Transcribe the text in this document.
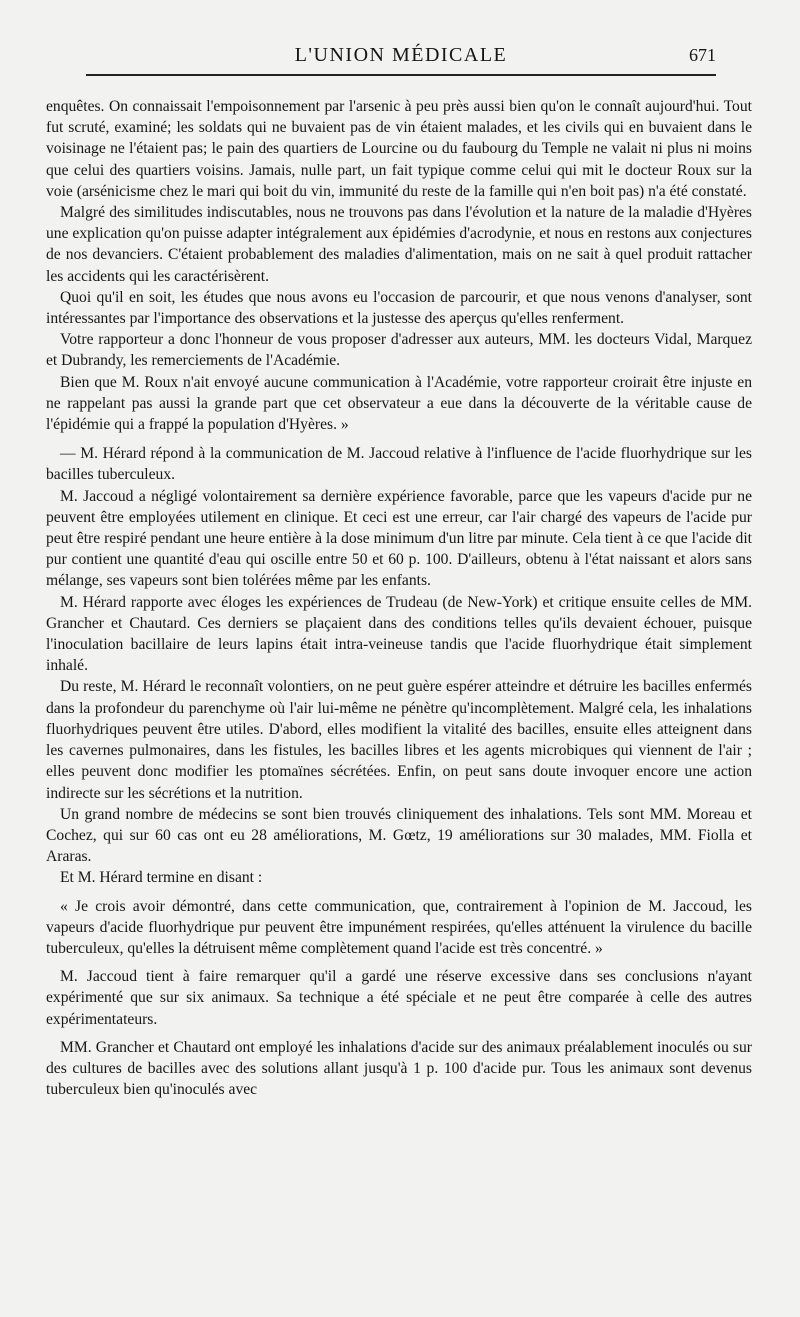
L'UNION MÉDICALE	671

enquêtes. On connaissait l'empoisonnement par l'arsenic à peu près aussi bien qu'on le connaît aujourd'hui. Tout fut scruté, examiné; les soldats qui ne buvaient pas de vin étaient malades, et les civils qui en buvaient dans le voisinage ne l'étaient pas; le pain des quartiers de Lourcine ou du faubourg du Temple ne valait ni plus ni moins que celui des quartiers voisins. Jamais, nulle part, un fait typique comme celui qui mit le docteur Roux sur la voie (arsénicisme chez le mari qui boit du vin, immunité du reste de la famille qui n'en boit pas) n'a été constaté.

Malgré des similitudes indiscutables, nous ne trouvons pas dans l'évolution et la nature de la maladie d'Hyères une explication qu'on puisse adapter intégralement aux épidémies d'acrodynie, et nous en restons aux conjectures de nos devanciers. C'étaient probablement des maladies d'alimentation, mais on ne sait à quel produit rattacher les accidents qui les caractérisèrent.

Quoi qu'il en soit, les études que nous avons eu l'occasion de parcourir, et que nous venons d'analyser, sont intéressantes par l'importance des observations et la justesse des aperçus qu'elles renferment.

Votre rapporteur a donc l'honneur de vous proposer d'adresser aux auteurs, MM. les docteurs Vidal, Marquez et Dubrandy, les remerciements de l'Académie.

Bien que M. Roux n'ait envoyé aucune communication à l'Académie, votre rapporteur croirait être injuste en ne rappelant pas aussi la grande part que cet observateur a eue dans la découverte de la véritable cause de l'épidémie qui a frappé la population d'Hyères. »

— M. Hérard répond à la communication de M. Jaccoud relative à l'influence de l'acide fluorhydrique sur les bacilles tuberculeux.

M. Jaccoud a négligé volontairement sa dernière expérience favorable, parce que les vapeurs d'acide pur ne peuvent être employées utilement en clinique. Et ceci est une erreur, car l'air chargé des vapeurs de l'acide pur peut être respiré pendant une heure entière à la dose minimum d'un litre par minute. Cela tient à ce que l'acide dit pur contient une quantité d'eau qui oscille entre 50 et 60 p. 100. D'ailleurs, obtenu à l'état naissant et alors sans mélange, ses vapeurs sont bien tolérées même par les enfants.

M. Hérard rapporte avec éloges les expériences de Trudeau (de New-York) et critique ensuite celles de MM. Grancher et Chautard. Ces derniers se plaçaient dans des conditions telles qu'ils devaient échouer, puisque l'inoculation bacillaire de leurs lapins était intra-veineuse tandis que l'acide fluorhydrique était simplement inhalé.

Du reste, M. Hérard le reconnaît volontiers, on ne peut guère espérer atteindre et détruire les bacilles enfermés dans la profondeur du parenchyme où l'air lui-même ne pénètre qu'incomplètement. Malgré cela, les inhalations fluorhydriques peuvent être utiles. D'abord, elles modifient la vitalité des bacilles, ensuite elles atteignent dans les cavernes pulmonaires, dans les fistules, les bacilles libres et les agents microbiques qui viennent de l'air ; elles peuvent donc modifier les ptomaïnes sécrétées. Enfin, on peut sans doute invoquer encore une action indirecte sur les sécrétions et la nutrition.

Un grand nombre de médecins se sont bien trouvés cliniquement des inhalations. Tels sont MM. Moreau et Cochez, qui sur 60 cas ont eu 28 améliorations, M. Gœtz, 19 améliorations sur 30 malades, MM. Fiolla et Araras.

Et M. Hérard termine en disant :

« Je crois avoir démontré, dans cette communication, que, contrairement à l'opinion de M. Jaccoud, les vapeurs d'acide fluorhydrique pur peuvent être impunément respirées, qu'elles atténuent la virulence du bacille tuberculeux, qu'elles la détruisent même complètement quand l'acide est très concentré. »

M. Jaccoud tient à faire remarquer qu'il a gardé une réserve excessive dans ses conclusions n'ayant expérimenté que sur six animaux. Sa technique a été spéciale et ne peut être comparée à celle des autres expérimentateurs.

MM. Grancher et Chautard ont employé les inhalations d'acide sur des animaux préalablement inoculés ou sur des cultures de bacilles avec des solutions allant jusqu'à 1 p. 100 d'acide pur. Tous les animaux sont devenus tuberculeux bien qu'inoculés avec
